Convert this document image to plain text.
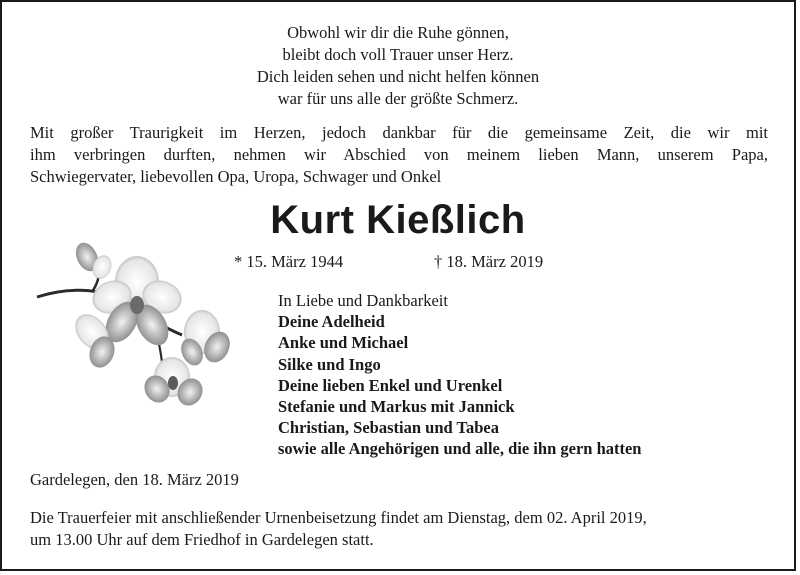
Obwohl wir dir die Ruhe gönnen,
bleibt doch voll Trauer unser Herz.
Dich leiden sehen und nicht helfen können
war für uns alle der größte Schmerz.
Mit großer Traurigkeit im Herzen, jedoch dankbar für die gemeinsame Zeit, die wir mit
ihm verbringen durften, nehmen wir Abschied von meinem lieben Mann, unserem Papa,
Schwiegervater, liebevollen Opa, Uropa, Schwager und Onkel
Kurt Kießlich
* 15. März 1944	† 18. März 2019
In Liebe und Dankbarkeit
Deine Adelheid
Anke und Michael
Silke und Ingo
Deine lieben Enkel und Urenkel
Stefanie und Markus mit Jannick
Christian, Sebastian und Tabea
sowie alle Angehörigen und alle, die ihn gern hatten
Gardelegen, den 18. März 2019
Die Trauerfeier mit anschließender Urnenbeisetzung findet am Dienstag, dem 02. April 2019,
um 13.00 Uhr auf dem Friedhof in Gardelegen statt.
